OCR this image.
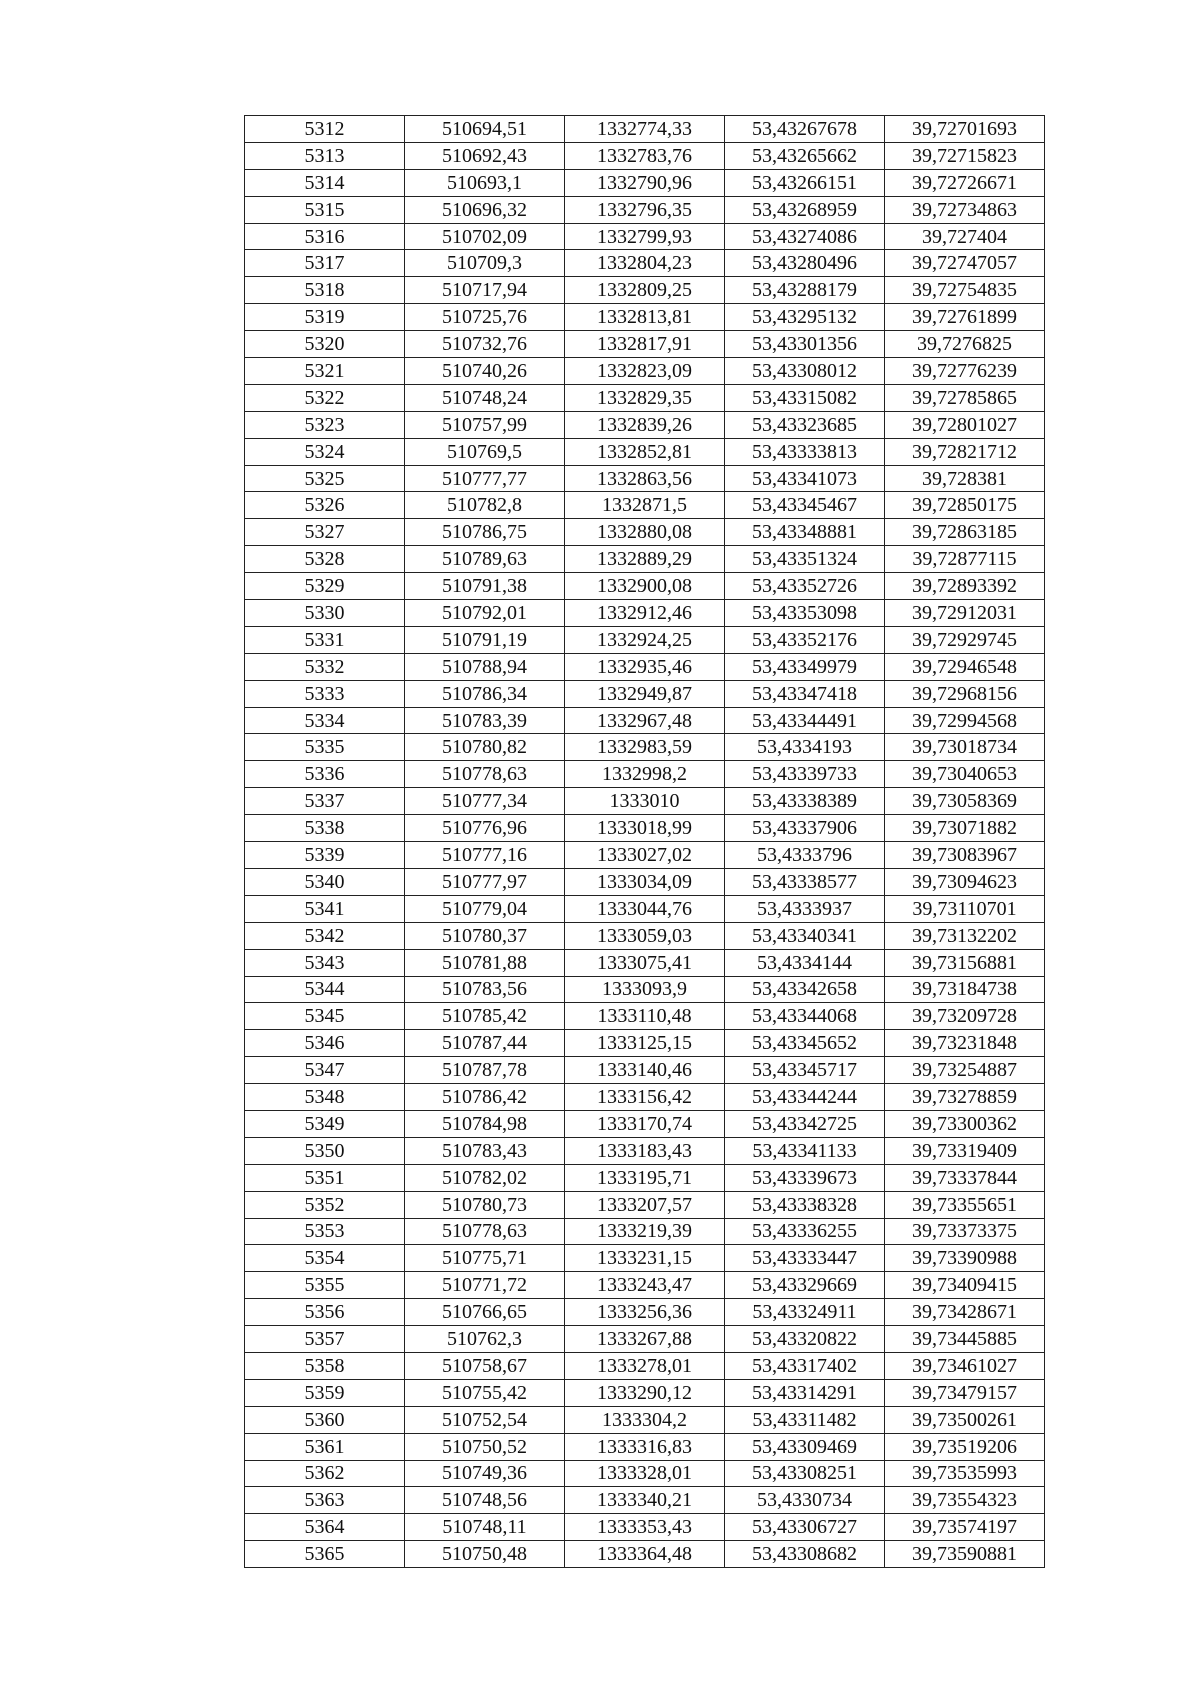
5312	510694,51	1332774,33	53,43267678	39,72701693
5313	510692,43	1332783,76	53,43265662	39,72715823
5314	510693,1	1332790,96	53,43266151	39,72726671
5315	510696,32	1332796,35	53,43268959	39,72734863
5316	510702,09	1332799,93	53,43274086	39,727404
5317	510709,3	1332804,23	53,43280496	39,72747057
5318	510717,94	1332809,25	53,43288179	39,72754835
5319	510725,76	1332813,81	53,43295132	39,72761899
5320	510732,76	1332817,91	53,43301356	39,7276825
5321	510740,26	1332823,09	53,43308012	39,72776239
5322	510748,24	1332829,35	53,43315082	39,72785865
5323	510757,99	1332839,26	53,43323685	39,72801027
5324	510769,5	1332852,81	53,43333813	39,72821712
5325	510777,77	1332863,56	53,43341073	39,728381
5326	510782,8	1332871,5	53,43345467	39,72850175
5327	510786,75	1332880,08	53,43348881	39,72863185
5328	510789,63	1332889,29	53,43351324	39,72877115
5329	510791,38	1332900,08	53,43352726	39,72893392
5330	510792,01	1332912,46	53,43353098	39,72912031
5331	510791,19	1332924,25	53,43352176	39,72929745
5332	510788,94	1332935,46	53,43349979	39,72946548
5333	510786,34	1332949,87	53,43347418	39,72968156
5334	510783,39	1332967,48	53,43344491	39,72994568
5335	510780,82	1332983,59	53,4334193	39,73018734
5336	510778,63	1332998,2	53,43339733	39,73040653
5337	510777,34	1333010	53,43338389	39,73058369
5338	510776,96	1333018,99	53,43337906	39,73071882
5339	510777,16	1333027,02	53,4333796	39,73083967
5340	510777,97	1333034,09	53,43338577	39,73094623
5341	510779,04	1333044,76	53,4333937	39,73110701
5342	510780,37	1333059,03	53,43340341	39,73132202
5343	510781,88	1333075,41	53,4334144	39,73156881
5344	510783,56	1333093,9	53,43342658	39,73184738
5345	510785,42	1333110,48	53,43344068	39,73209728
5346	510787,44	1333125,15	53,43345652	39,73231848
5347	510787,78	1333140,46	53,43345717	39,73254887
5348	510786,42	1333156,42	53,43344244	39,73278859
5349	510784,98	1333170,74	53,43342725	39,73300362
5350	510783,43	1333183,43	53,43341133	39,73319409
5351	510782,02	1333195,71	53,43339673	39,73337844
5352	510780,73	1333207,57	53,43338328	39,73355651
5353	510778,63	1333219,39	53,43336255	39,73373375
5354	510775,71	1333231,15	53,43333447	39,73390988
5355	510771,72	1333243,47	53,43329669	39,73409415
5356	510766,65	1333256,36	53,43324911	39,73428671
5357	510762,3	1333267,88	53,43320822	39,73445885
5358	510758,67	1333278,01	53,43317402	39,73461027
5359	510755,42	1333290,12	53,43314291	39,73479157
5360	510752,54	1333304,2	53,43311482	39,73500261
5361	510750,52	1333316,83	53,43309469	39,73519206
5362	510749,36	1333328,01	53,43308251	39,73535993
5363	510748,56	1333340,21	53,4330734	39,73554323
5364	510748,11	1333353,43	53,43306727	39,73574197
5365	510750,48	1333364,48	53,43308682	39,73590881
